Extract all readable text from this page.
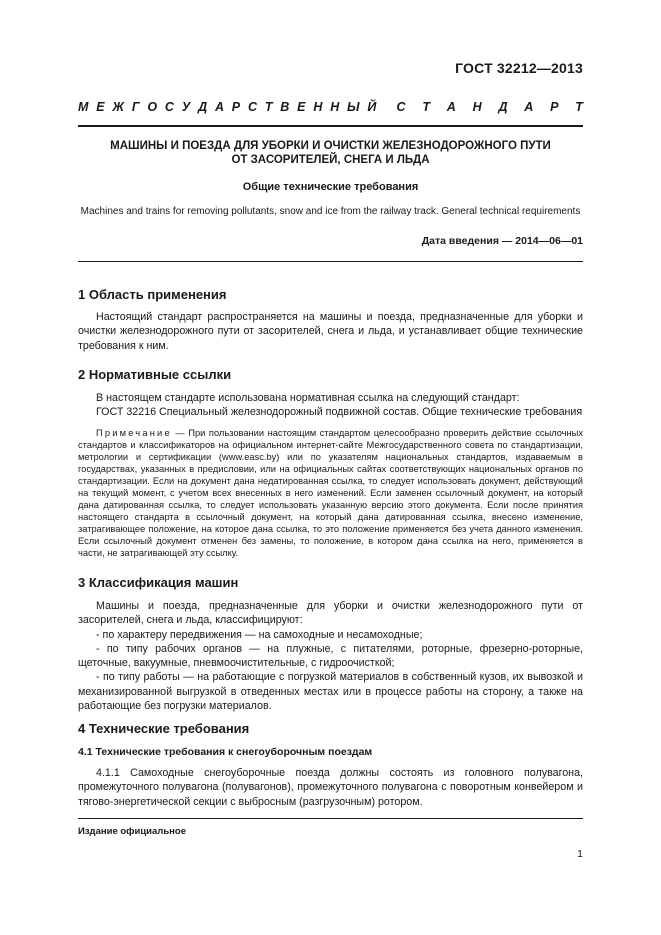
ГОСТ 32212—2013
М Е Ж Г О С У Д А Р С Т В Е Н Н Ы Й С Т А Н Д А Р Т
МАШИНЫ И ПОЕЗДА ДЛЯ УБОРКИ И ОЧИСТКИ ЖЕЛЕЗНОДОРОЖНОГО ПУТИ
ОТ ЗАСОРИТЕЛЕЙ, СНЕГА И ЛЬДА
Общие технические требования
Machines and trains for removing pollutants, snow and ice from the railway track. General technical requirements
Дата введения — 2014—06—01
1 Область применения

Настоящий стандарт распространяется на машины и поезда, предназначенные для уборки и очистки железнодорожного пути от засорителей, снега и льда, и устанавливает общие технические требования к ним.

2 Нормативные ссылки

В настоящем стандарте использована нормативная ссылка на следующий стандарт:

ГОСТ 32216 Специальный железнодорожный подвижной состав. Общие технические требования

Примечание — При пользовании настоящим стандартом целесообразно проверить действие ссылочных стандартов и классификаторов на официальном интернет-сайте Межгосударственного совета по стандартизации, метрологии и сертификации (www.easc.by) или по указателям национальных стандартов, издаваемым в государствах, указанных в предисловии, или на официальных сайтах соответствующих национальных органов по стандартизации. Если на документ дана недатированная ссылка, то следует использовать документ, действующий на текущий момент, с учетом всех внесенных в него изменений. Если заменен ссылочный документ, на который дана датированная ссылка, то следует использовать указанную версию этого документа. Если после принятия настоящего стандарта в ссылочный документ, на который дана датированная ссылка, внесено изменение, затрагивающее положение, на которое дана ссылка, то это положение применяется без учета данного изменения. Если ссылочный документ отменен без замены, то положение, в котором дана ссылка на него, применяется в части, не затрагивающей эту ссылку.
3 Классификация машин

Машины и поезда, предназначенные для уборки и очистки железнодорожного пути от засорителей, снега и льда, классифицируют:

- по характеру передвижения — на самоходные и несамоходные;

- по типу рабочих органов — на плужные, с питателями, роторные, фрезерно-роторные, щеточные, вакуумные, пневмоочистительные, с гидроочисткой;

- по типу работы — на работающие с погрузкой материалов в собственный кузов, их вывозкой и механизированной выгрузкой в отведенных местах или в процессе работы на сторону, а также на работающие без погрузки материалов.

4 Технические требования
4.1 Технические требования к снегоуборочным поездам

4.1.1 Самоходные снегоуборочные поезда должны состоять из головного полувагона, промежуточного полувагона (полувагонов), промежуточного полувагона с поворотным конвейером и тягово-энергетической секции с выбросным (разгрузочным) ротором.

Издание официальное
1
